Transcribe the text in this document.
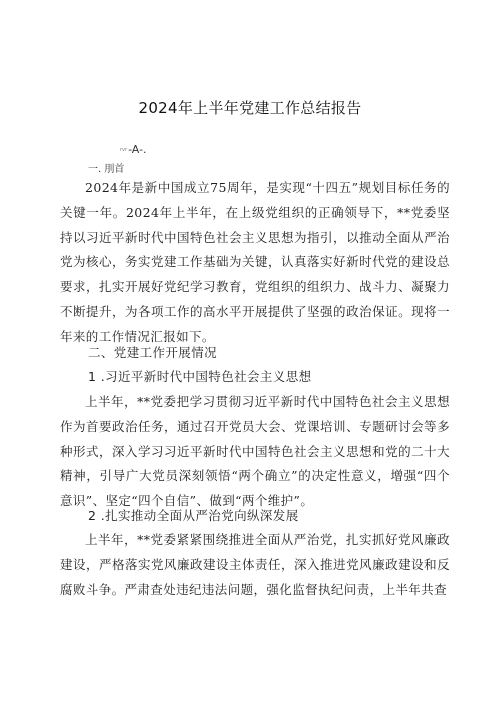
2024年上半年党建工作总结报告
rvr-A-.
一. 刖首

2024年是新中国成立75周年，是实现“十四五”规划目标任务的关键一年。2024年上半年，在上级党组织的正确领导下，**党委坚持以习近平新时代中国特色社会主义思想为指引，以推动全面从严治党为核心，务实党建工作基础为关键，认真落实好新时代党的建设总要求，扎实开展好党纪学习教育，党组织的组织力、战斗力、凝聚力不断提升，为各项工作的高水平开展提供了坚强的政治保证。现将一年来的工作情况汇报如下。

二、党建工作开展情况
1 .习近平新时代中国特色社会主义思想

上半年，**党委把学习贯彻习近平新时代中国特色社会主义思想作为首要政治任务，通过召开党员大会、党课培训、专题研讨会等多种形式，深入学习习近平新时代中国特色社会主义思想和党的二十大精神，引导广大党员深刻领悟“两个确立”的决定性意义，增强“四个意识”、坚定“四个自信”、做到“两个维护”。

2 .扎实推动全面从严治党向纵深发展

上半年，**党委紧紧围绕推进全面从严治党，扎实抓好党风廉政建设，严格落实党风廉政建设主体责任，深入推进党风廉政建设和反腐败斗争。严肃查处违纪违法问题，强化监督执纪问责，上半年共查
